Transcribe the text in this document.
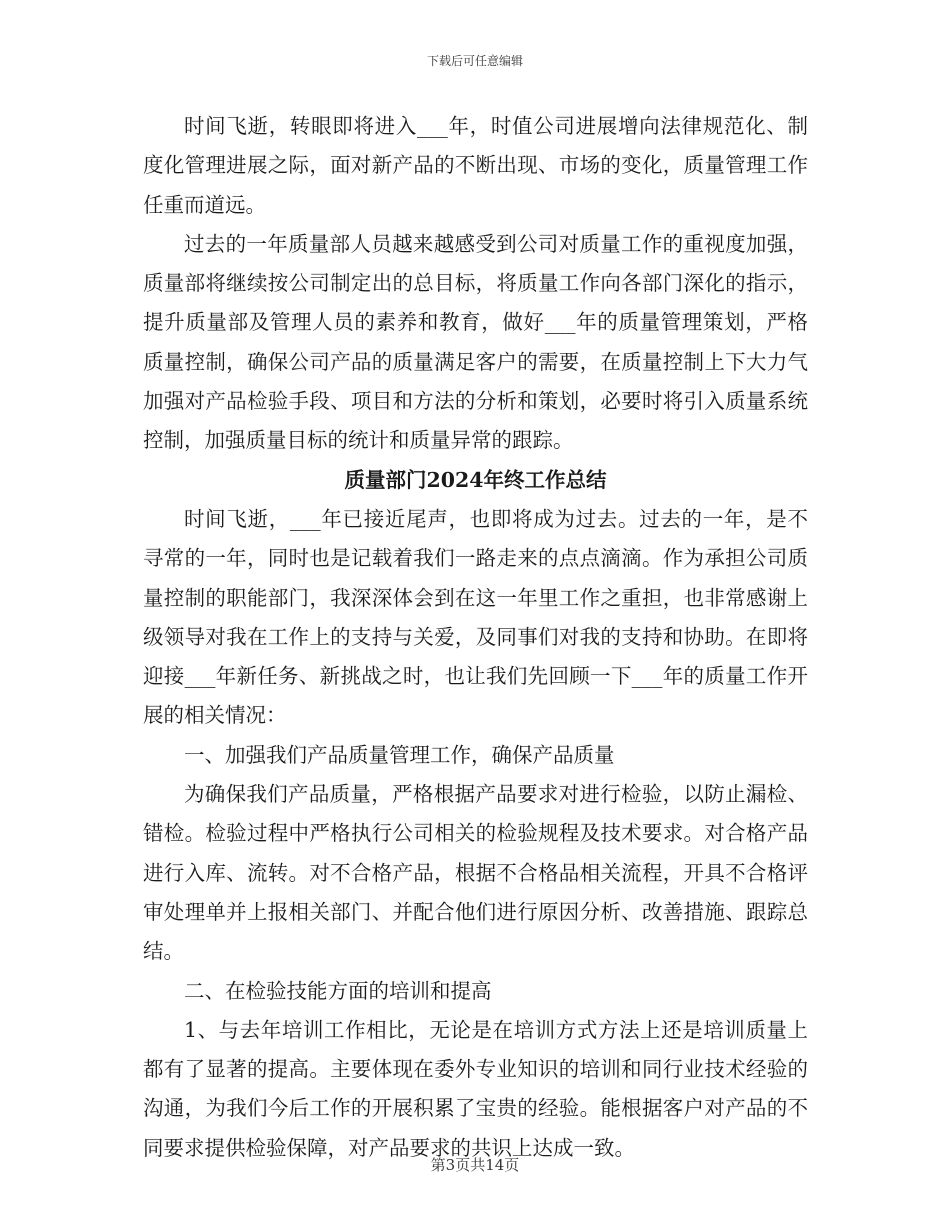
下载后可任意编辑

时间飞逝，转眼即将进入___年，时值公司进展增向法律规范化、制度化管理进展之际，面对新产品的不断出现、市场的变化，质量管理工作任重而道远。

过去的一年质量部人员越来越感受到公司对质量工作的重视度加强，质量部将继续按公司制定出的总目标，将质量工作向各部门深化的指示，提升质量部及管理人员的素养和教育，做好___年的质量管理策划，严格质量控制，确保公司产品的质量满足客户的需要，在质量控制上下大力气加强对产品检验手段、项目和方法的分析和策划，必要时将引入质量系统控制，加强质量目标的统计和质量异常的跟踪。

质量部门2024年终工作总结

时间飞逝，___年已接近尾声，也即将成为过去。过去的一年，是不寻常的一年，同时也是记载着我们一路走来的点点滴滴。作为承担公司质量控制的职能部门，我深深体会到在这一年里工作之重担，也非常感谢上级领导对我在工作上的支持与关爱，及同事们对我的支持和协助。在即将迎接___年新任务、新挑战之时，也让我们先回顾一下___年的质量工作开展的相关情况：

一、加强我们产品质量管理工作，确保产品质量

为确保我们产品质量，严格根据产品要求对进行检验，以防止漏检、错检。检验过程中严格执行公司相关的检验规程及技术要求。对合格产品进行入库、流转。对不合格产品，根据不合格品相关流程，开具不合格评审处理单并上报相关部门、并配合他们进行原因分析、改善措施、跟踪总结。

二、在检验技能方面的培训和提高

1、与去年培训工作相比，无论是在培训方式方法上还是培训质量上都有了显著的提高。主要体现在委外专业知识的培训和同行业技术经验的沟通，为我们今后工作的开展积累了宝贵的经验。能根据客户对产品的不同要求提供检验保障，对产品要求的共识上达成一致。

第3页共14页
